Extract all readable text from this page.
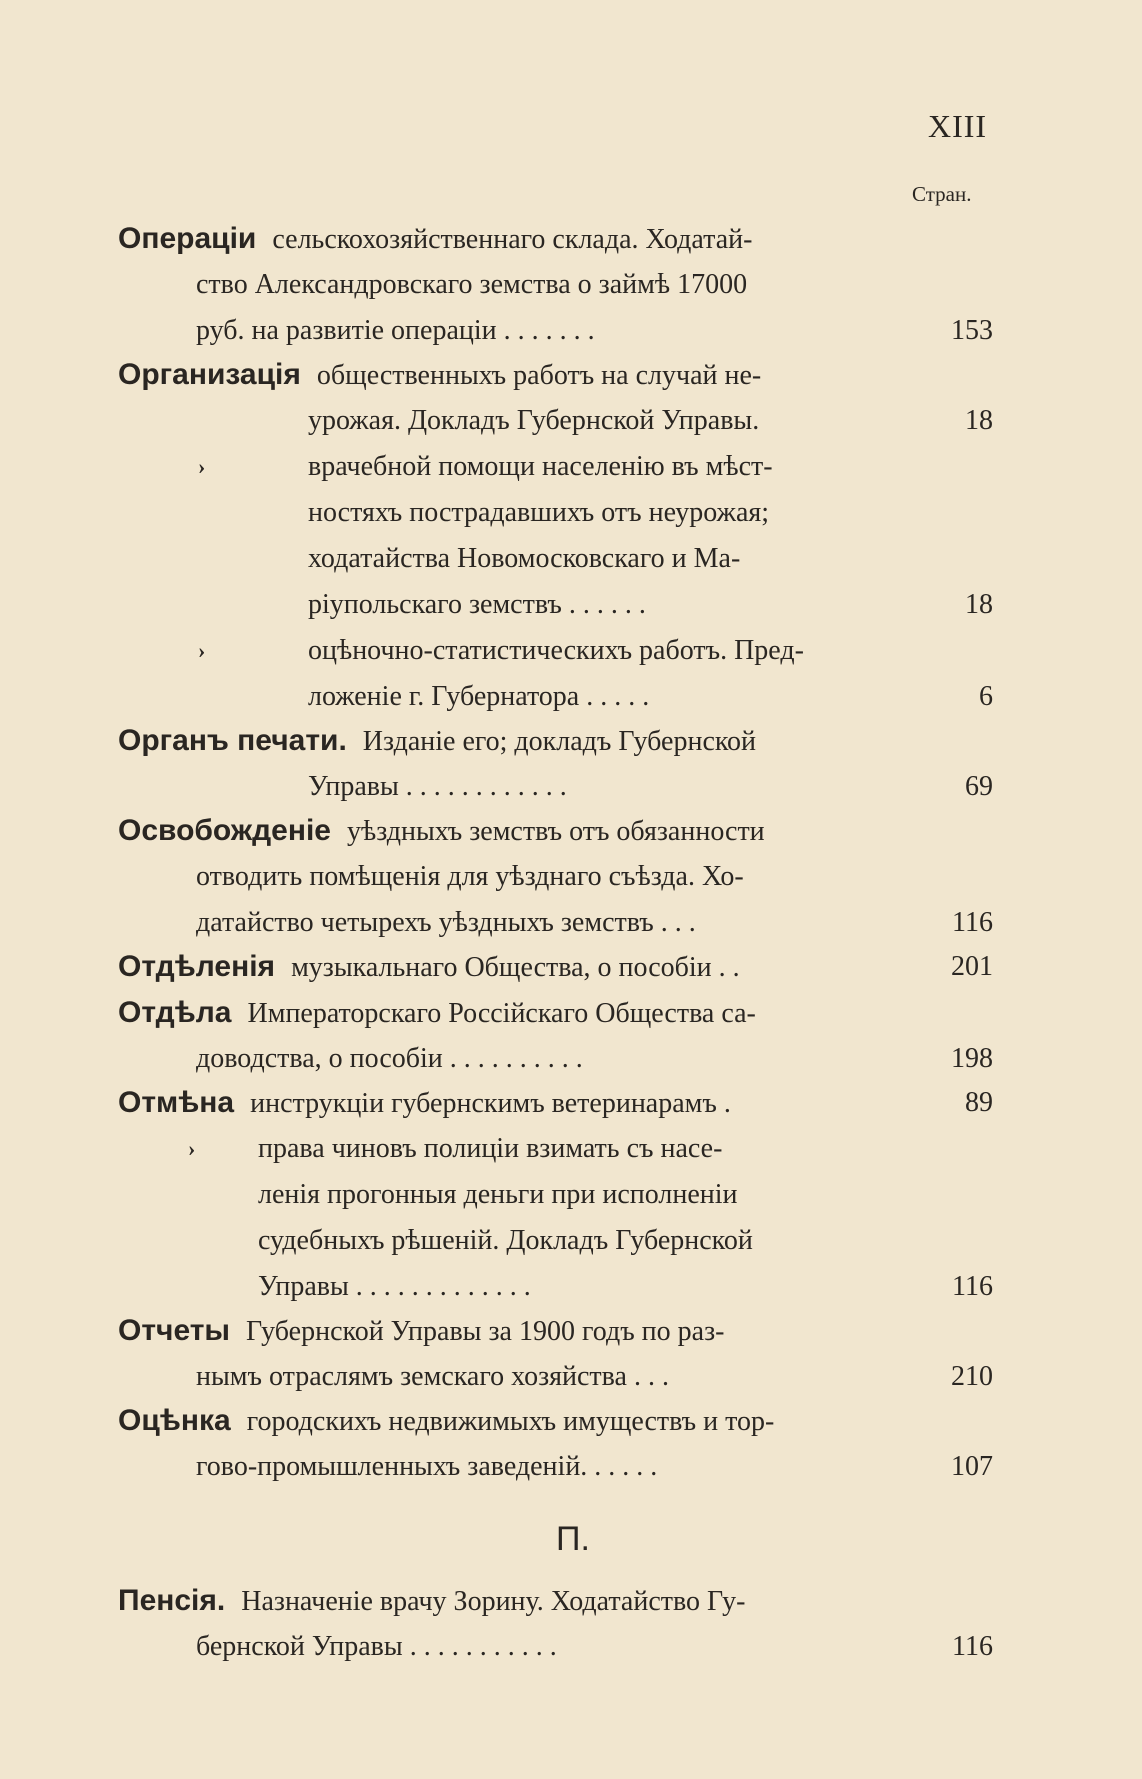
XIII
Стран.
Операціи сельскохозяйственнаго склада. Ходатай-
ство Александровскаго земства о займѣ 17000
руб. на развитіе операціи . . . . . . .	153
Организація общественныхъ работъ на случай не-
урожая. Докладъ Губернской Управы.	18
›	врачебной помощи населенію въ мѣст-
ностяхъ пострадавшихъ отъ неурожая;
ходатайства Новомосковскаго и Ма-
ріупольскаго земствъ . . . . . .	18
›	оцѣночно-статистическихъ работъ. Пред-
ложеніе г. Губернатора . . . . .	6
Органъ печати. Изданіе его; докладъ Губернской
Управы . . . . . . . . . . . .	69
Освобожденіе уѣздныхъ земствъ отъ обязанности
отводить помѣщенія для уѣзднаго съѣзда. Хо-
датайство четырехъ уѣздныхъ земствъ . . .	116
Отдѣленія музыкальнаго Общества, о пособіи . .	201
Отдѣла Императорскаго Россійскаго Общества са-
доводства, о пособіи . . . . . . . . . .	198
Отмѣна инструкціи губернскимъ ветеринарамъ .	89
› права чиновъ полиціи взимать съ насе-
ленія прогонныя деньги при исполненіи
судебныхъ рѣшеній. Докладъ Губернской
Управы . . . . . . . . . . . . .	116
Отчеты Губернской Управы за 1900 годъ по раз-
нымъ отраслямъ земскаго хозяйства . . .	210
Оцѣнка городскихъ недвижимыхъ имуществъ и тор-
гово-промышленныхъ заведеній. . . . . .	107
Пенсія. Назначеніе врачу Зорину. Ходатайство Гу-
бернской Управы . . . . . . . . . . .	116
П.
